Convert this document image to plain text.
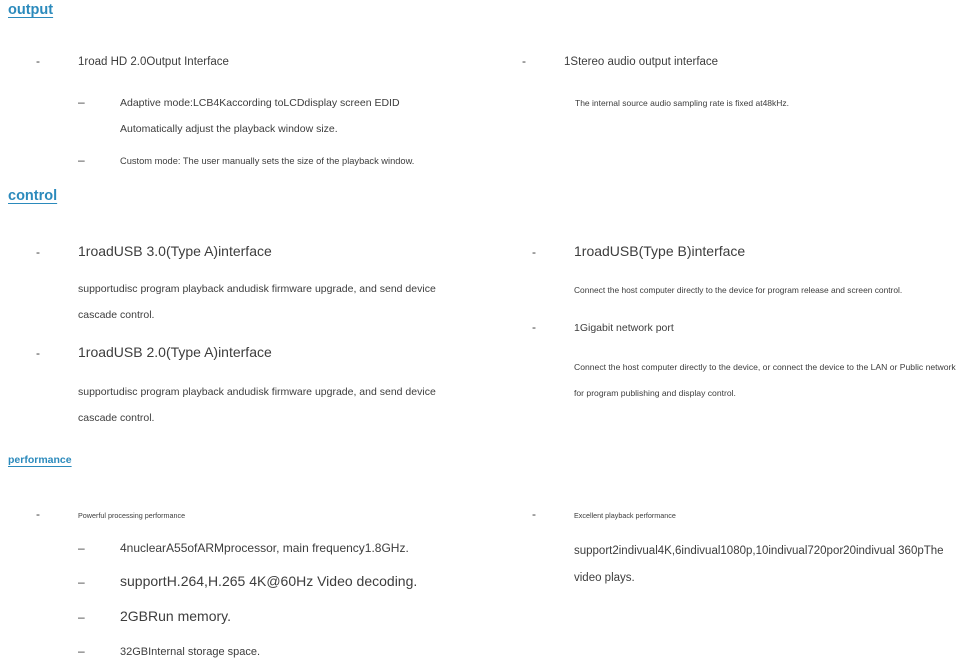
output
-	1road HD 2.0Output Interface
–	Adaptive mode:LCB4Kaccording toLCDdisplay screen EDID Automatically adjust the playback window size.
–	Custom mode: The user manually sets the size of the playback window.
-	1Stereo audio output interface
The internal source audio sampling rate is fixed at48kHz.
control
-	1roadUSB 3.0(Type A)interface
supportudisc program playback andudisk firmware upgrade, and send device cascade control.
-	1roadUSB 2.0(Type A)interface
supportudisc program playback andudisk firmware upgrade, and send device cascade control.
-	1roadUSB(Type B)interface
Connect the host computer directly to the device for program release and screen control.
-	1Gigabit network port
Connect the host computer directly to the device, or connect the device to the LAN or Public network for program publishing and display control.
performance
-	Powerful processing performance
–	4nuclearA55ofARMprocessor, main frequency1.8GHz.
–	supportH.264,H.265 4K@60Hz Video decoding.
–	2GBRun memory.
–	32GBInternal storage space.
-	Excellent playback performance
support2indivual4K,6indivual1080p,10indivual720por20indivual 360pThe video plays.
